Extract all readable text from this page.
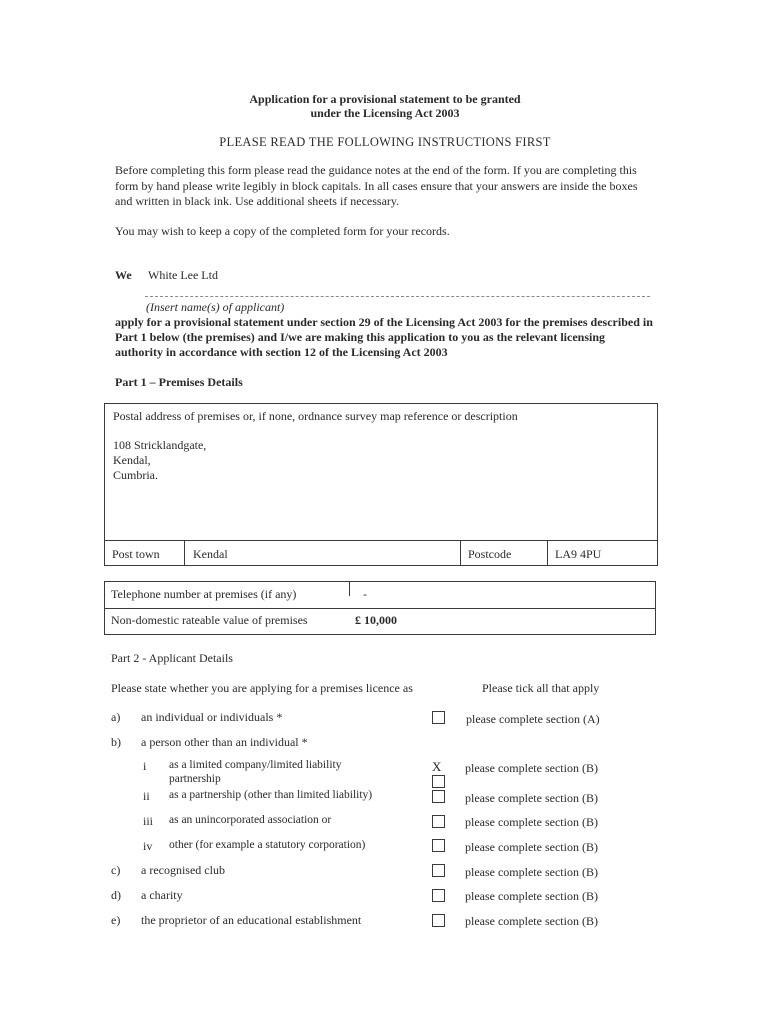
Application for a provisional statement to be granted
under the Licensing Act 2003
PLEASE READ THE FOLLOWING INSTRUCTIONS FIRST
Before completing this form please read the guidance notes at the end of the form. If you are completing this form by hand please write legibly in block capitals. In all cases ensure that your answers are inside the boxes and written in black ink. Use additional sheets if necessary.
You may wish to keep a copy of the completed form for your records.
We White Lee Ltd
(Insert name(s) of applicant)
apply for a provisional statement under section 29 of the Licensing Act 2003 for the premises described in Part 1 below (the premises) and I/we are making this application to you as the relevant licensing authority in accordance with section 12 of the Licensing Act 2003
Part 1 – Premises Details
Postal address of premises or, if none, ordnance survey map reference or description
108 Stricklandgate,
Kendal,
Cumbria.
Post town	Kendal	Postcode	LA9 4PU
Telephone number at premises (if any)	-
Non-domestic rateable value of premises	£ 10,000
Part 2 - Applicant Details
Please state whether you are applying for a premises licence as	Please tick all that apply
a) an individual or individuals *	please complete section (A)
b) a person other than an individual *
i as a limited company/limited liability
partnership
X please complete section (B)
ii as a partnership (other than limited liability)	please complete section (B)
iii as an unincorporated association or	please complete section (B)
iv other (for example a statutory corporation)	please complete section (B)
c) a recognised club	please complete section (B)
d) a charity	please complete section (B)
e) the proprietor of an educational establishment	please complete section (B)
